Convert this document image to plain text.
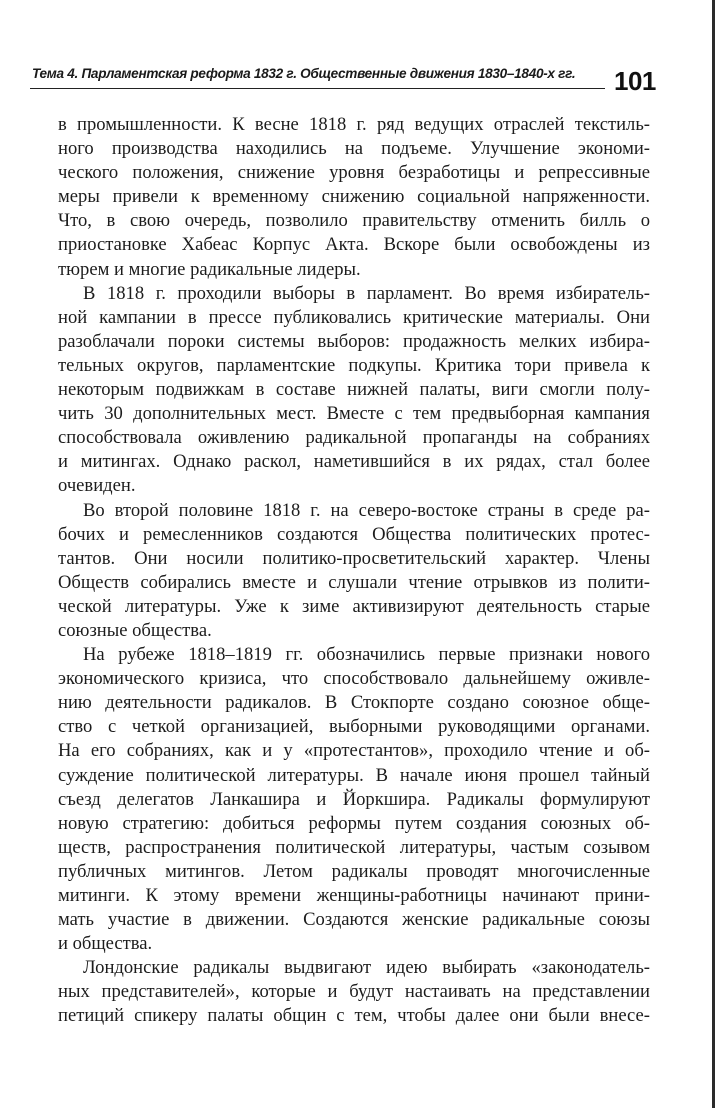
Тема 4. Парламентская реформа 1832 г. Общественные движения 1830–1840-х гг. 101
в промышленности. К весне 1818 г. ряд ведущих отраслей текстиль-
ного производства находились на подъеме. Улучшение экономи-
ческого положения, снижение уровня безработицы и репрессивные
меры привели к временному снижению социальной напряженности.
Что, в свою очередь, позволило правительству отменить билль о
приостановке Хабеас Корпус Акта. Вскоре были освобождены из
тюрем и многие радикальные лидеры.
В 1818 г. проходили выборы в парламент. Во время избиратель-
ной кампании в прессе публиковались критические материалы. Они
разоблачали пороки системы выборов: продажность мелких избира-
тельных округов, парламентские подкупы. Критика тори привела к
некоторым подвижкам в составе нижней палаты, виги смогли полу-
чить 30 дополнительных мест. Вместе с тем предвыборная кампания
способствовала оживлению радикальной пропаганды на собраниях
и митингах. Однако раскол, наметившийся в их рядах, стал более
очевиден.
Во второй половине 1818 г. на северо-востоке страны в среде ра-
бочих и ремесленников создаются Общества политических протес-
тантов. Они носили политико-просветительский характер. Члены
Обществ собирались вместе и слушали чтение отрывков из полити-
ческой литературы. Уже к зиме активизируют деятельность старые
союзные общества.
На рубеже 1818–1819 гг. обозначились первые признаки нового
экономического кризиса, что способствовало дальнейшему оживле-
нию деятельности радикалов. В Стокпорте создано союзное обще-
ство с четкой организацией, выборными руководящими органами.
На его собраниях, как и у «протестантов», проходило чтение и об-
суждение политической литературы. В начале июня прошел тайный
съезд делегатов Ланкашира и Йоркшира. Радикалы формулируют
новую стратегию: добиться реформы путем создания союзных об-
ществ, распространения политической литературы, частым созывом
публичных митингов. Летом радикалы проводят многочисленные
митинги. К этому времени женщины-работницы начинают прини-
мать участие в движении. Создаются женские радикальные союзы
и общества.
Лондонские радикалы выдвигают идею выбирать «законодатель-
ных представителей», которые и будут настаивать на представлении
петиций спикеру палаты общин с тем, чтобы далее они были внесе-
